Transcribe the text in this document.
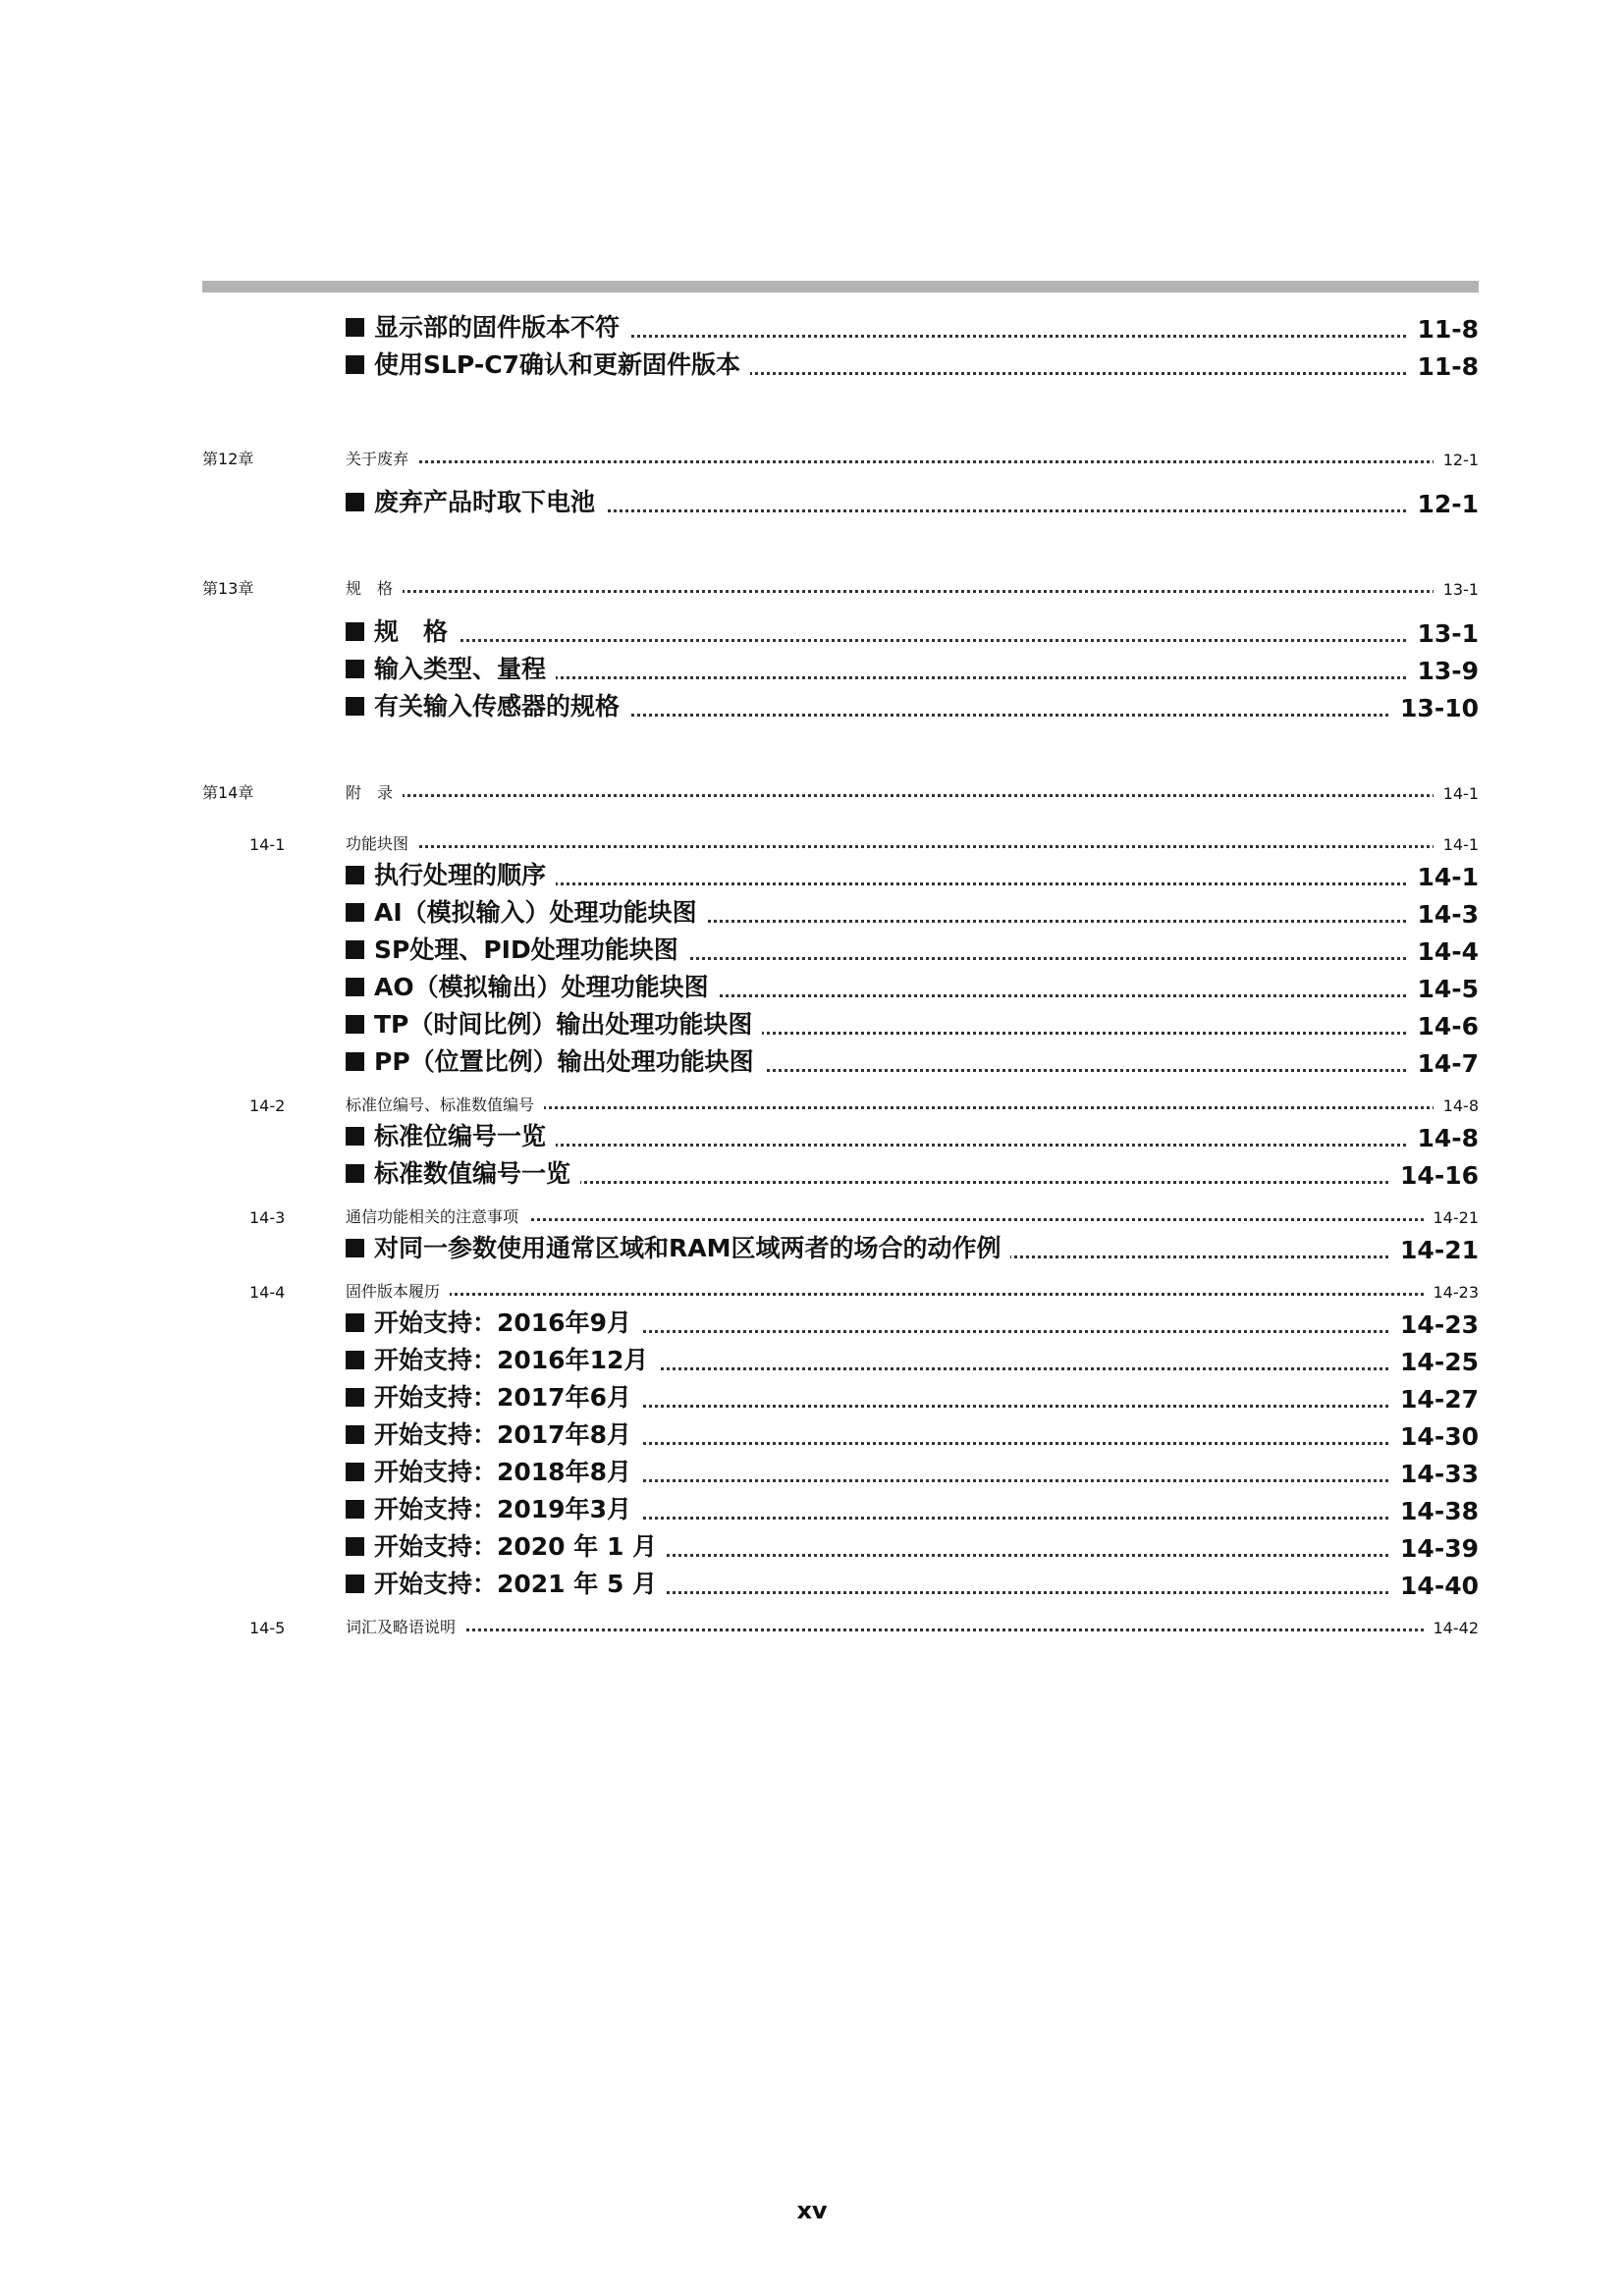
显示部的固件版本不符	11-8
使用SLP-C7确认和更新固件版本	11-8
第12章	关于废弃	12-1
废弃产品时取下电池	12-1
第13章	规　格	13-1
规　格	13-1
输入类型、量程	13-9
有关输入传感器的规格	13-10
第14章	附　录	14-1
14-1	功能块图	14-1
执行处理的顺序	14-1
AI（模拟输入）处理功能块图	14-3
SP处理、PID处理功能块图	14-4
AO（模拟输出）处理功能块图	14-5
TP（时间比例）输出处理功能块图	14-6
PP（位置比例）输出处理功能块图	14-7
14-2	标准位编号、标准数值编号	14-8
标准位编号一览	14-8
标准数值编号一览	14-16
14-3	通信功能相关的注意事项	14-21
对同一参数使用通常区域和RAM区域两者的场合的动作例	14-21
14-4	固件版本履历	14-23
开始支持：2016年9月	14-23
开始支持：2016年12月	14-25
开始支持：2017年6月	14-27
开始支持：2017年8月	14-30
开始支持：2018年8月	14-33
开始支持：2019年3月	14-38
开始支持：2020 年 1 月	14-39
开始支持：2021 年 5 月	14-40
14-5	词汇及略语说明	14-42
xv
